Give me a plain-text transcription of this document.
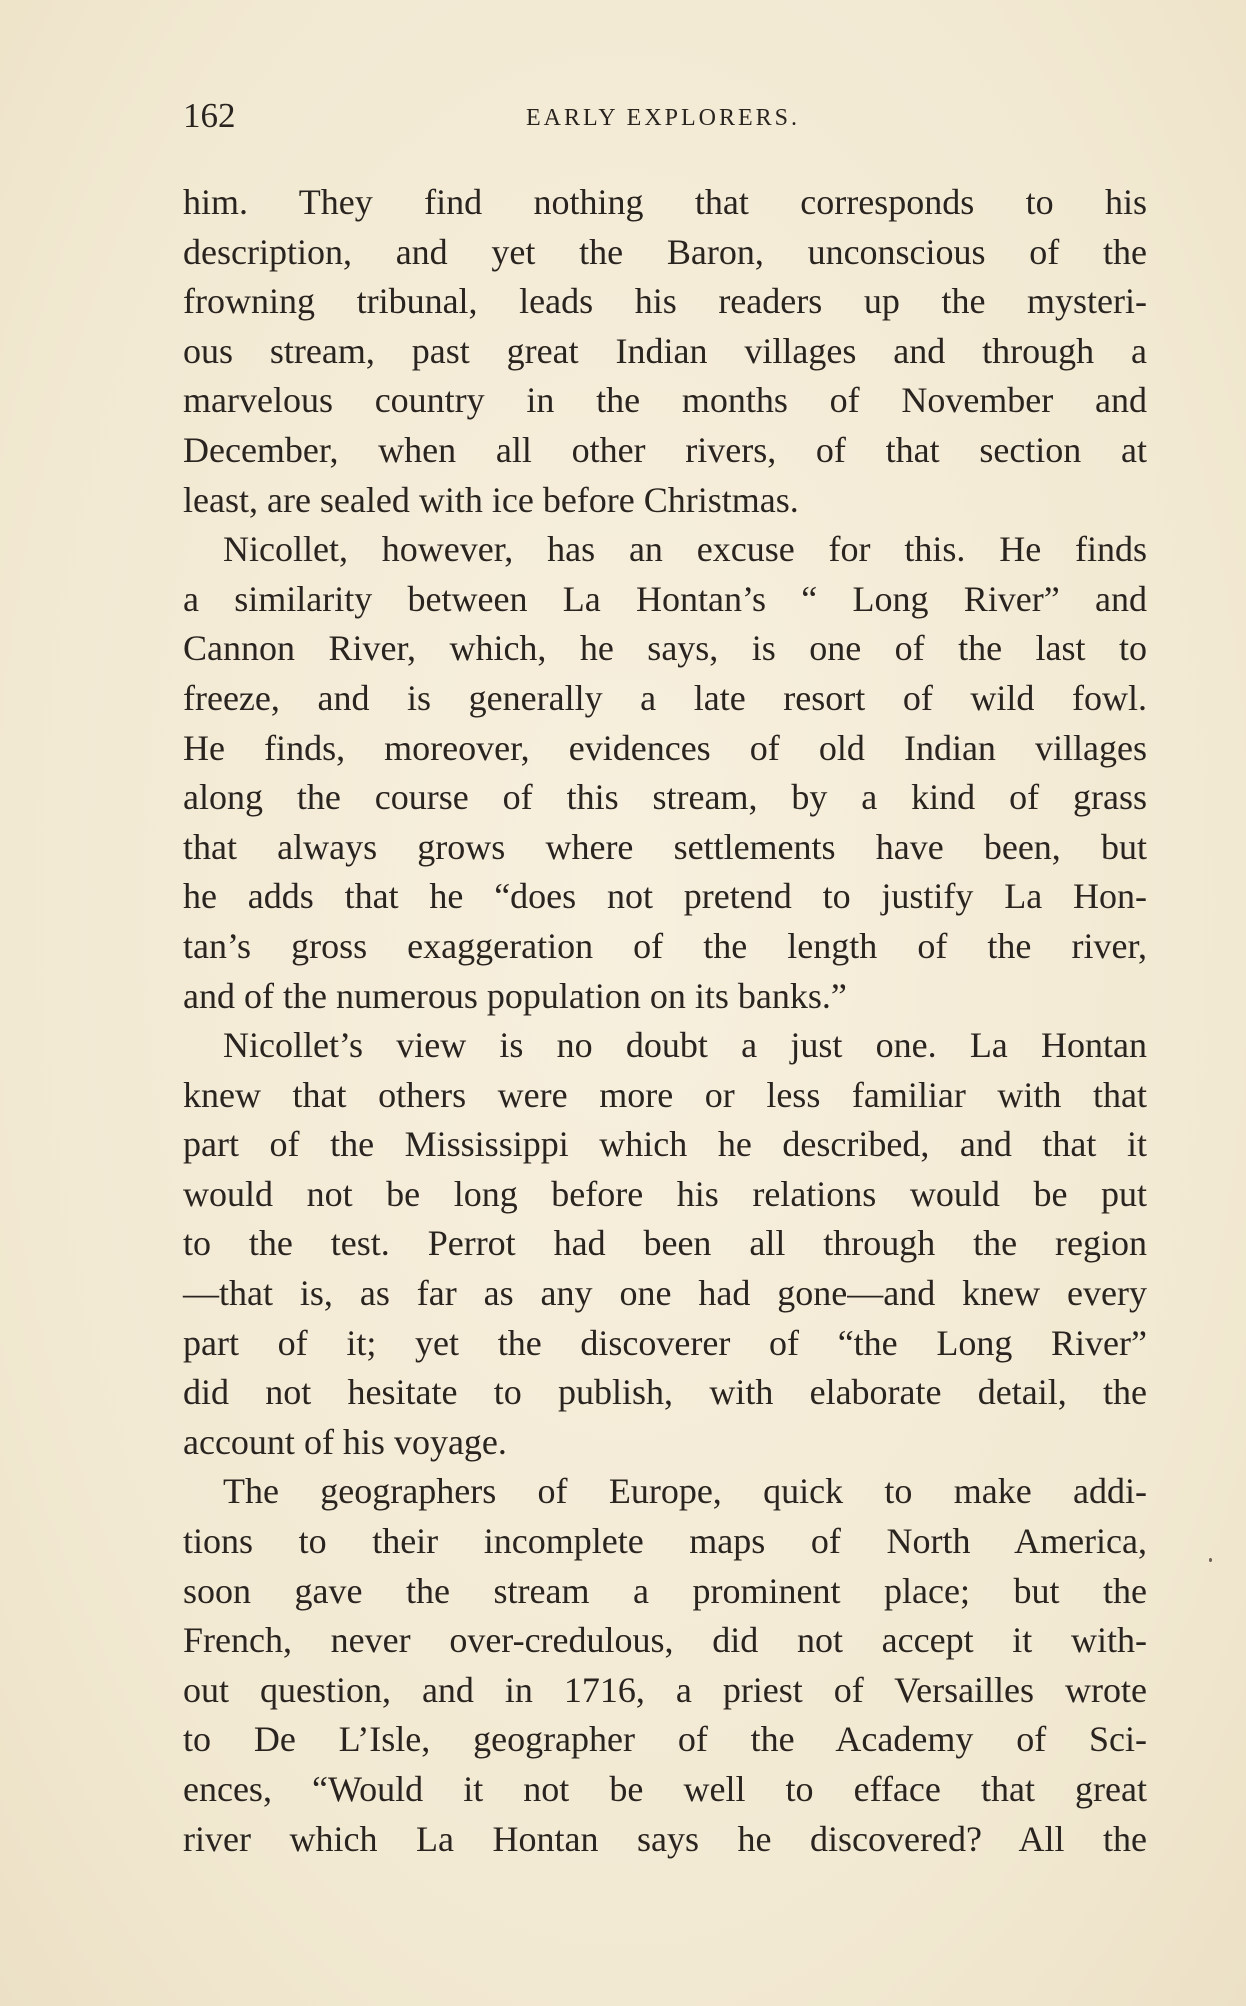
162	EARLY EXPLORERS.
him. They find nothing that corresponds to his
description, and yet the Baron, unconscious of the
frowning tribunal, leads his readers up the mysteri-
ous stream, past great Indian villages and through a
marvelous country in the months of November and
December, when all other rivers, of that section at
least, are sealed with ice before Christmas.
Nicollet, however, has an excuse for this. He finds
a similarity between La Hontan’s “ Long River” and
Cannon River, which, he says, is one of the last to
freeze, and is generally a late resort of wild fowl.
He finds, moreover, evidences of old Indian villages
along the course of this stream, by a kind of grass
that always grows where settlements have been, but
he adds that he “does not pretend to justify La Hon-
tan’s gross exaggeration of the length of the river,
and of the numerous population on its banks.”
Nicollet’s view is no doubt a just one. La Hontan
knew that others were more or less familiar with that
part of the Mississippi which he described, and that it
would not be long before his relations would be put
to the test. Perrot had been all through the region
—that is, as far as any one had gone—and knew every
part of it; yet the discoverer of “the Long River”
did not hesitate to publish, with elaborate detail, the
account of his voyage.
The geographers of Europe, quick to make addi-
tions to their incomplete maps of North America,
soon gave the stream a prominent place; but the
French, never over-credulous, did not accept it with-
out question, and in 1716, a priest of Versailles wrote
to De L’Isle, geographer of the Academy of Sci-
ences, “Would it not be well to efface that great
river which La Hontan says he discovered? All the
